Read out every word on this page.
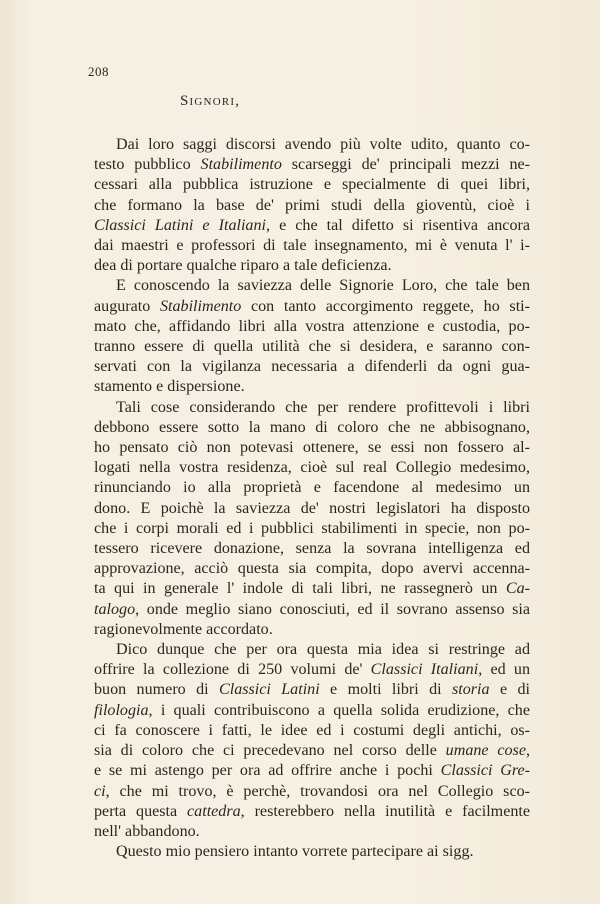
208
Signori,

Dai loro saggi discorsi avendo più volte udito, quanto co-
testo pubblico Stabilimento scarseggi de' principali mezzi ne-
cessari alla pubblica istruzione e specialmente di quei libri,
che formano la base de' primi studi della gioventù, cioè i
Classici Latini e Italiani, e che tal difetto si risentiva ancora
dai maestri e professori di tale insegnamento, mi è venuta l' i-
dea di portare qualche riparo a tale deficienza.

E conoscendo la saviezza delle Signorie Loro, che tale ben
augurato Stabilimento con tanto accorgimento reggete, ho sti-
mato che, affidando libri alla vostra attenzione e custodia, po-
tranno essere di quella utilità che si desidera, e saranno con-
servati con la vigilanza necessaria a difenderli da ogni gua-
stamento e dispersione.

Tali cose considerando che per rendere profittevoli i libri
debbono essere sotto la mano di coloro che ne abbisognano,
ho pensato ciò non potevasi ottenere, se essi non fossero al-
logati nella vostra residenza, cioè sul real Collegio medesimo,
rinunciando io alla proprietà e facendone al medesimo un
dono. E poichè la saviezza de' nostri legislatori ha disposto
che i corpi morali ed i pubblici stabilimenti in specie, non po-
tessero ricevere donazione, senza la sovrana intelligenza ed
approvazione, acciò questa sia compita, dopo avervi accenna-
ta qui in generale l' indole di tali libri, ne rassegnerò un Ca-
talogo, onde meglio siano conosciuti, ed il sovrano assenso sia
ragionevolmente accordato.

Dico dunque che per ora questa mia idea si restringe ad
offrire la collezione di 250 volumi de' Classici Italiani, ed un
buon numero di Classici Latini e molti libri di storia e di
filologia, i quali contribuiscono a quella solida erudizione, che
ci fa conoscere i fatti, le idee ed i costumi degli antichi, os-
sia di coloro che ci precedevano nel corso delle umane cose,
e se mi astengo per ora ad offrire anche i pochi Classici Gre-
ci, che mi trovo, è perchè, trovandosi ora nel Collegio sco-
perta questa cattedra, resterebbero nella inutilità e facilmente
nell' abbandono.

Questo mio pensiero intanto vorrete partecipare ai sigg.
